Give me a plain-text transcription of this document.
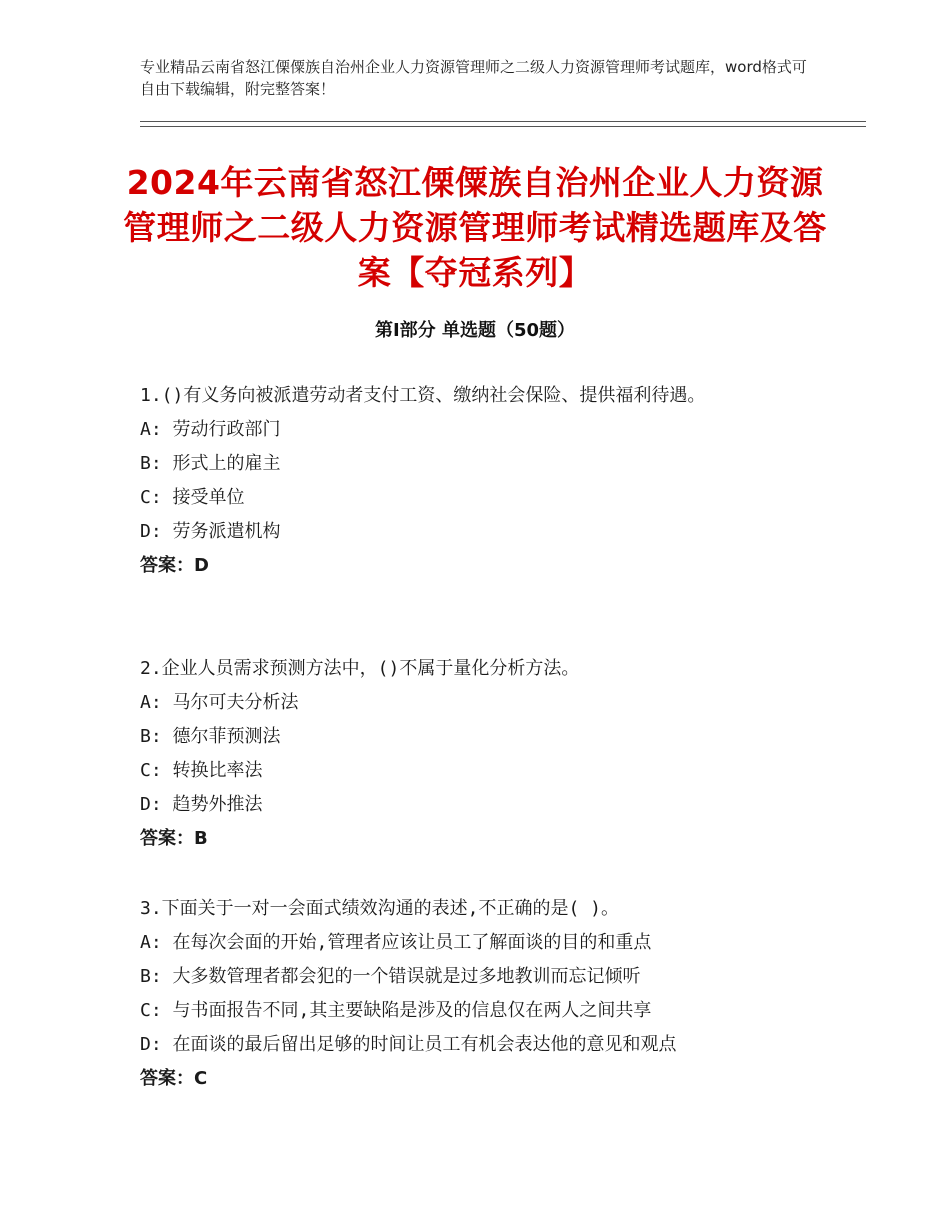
专业精品云南省怒江傈僳族自治州企业人力资源管理师之二级人力资源管理师考试题库，word格式可自由下载编辑，附完整答案！
2024年云南省怒江傈僳族自治州企业人力资源管理师之二级人力资源管理师考试精选题库及答案【夺冠系列】
第Ⅰ部分 单选题（50题）
1.()有义务向被派遣劳动者支付工资、缴纳社会保险、提供福利待遇。
A: 劳动行政部门
B: 形式上的雇主
C: 接受单位
D: 劳务派遣机构
答案：D
2.企业人员需求预测方法中，()不属于量化分析方法。
A: 马尔可夫分析法
B: 德尔菲预测法
C: 转换比率法
D: 趋势外推法
答案：B
3.下面关于一对一会面式绩效沟通的表述,不正确的是( )。
A: 在每次会面的开始,管理者应该让员工了解面谈的目的和重点
B: 大多数管理者都会犯的一个错误就是过多地教训而忘记倾听
C: 与书面报告不同,其主要缺陷是涉及的信息仅在两人之间共享
D: 在面谈的最后留出足够的时间让员工有机会表达他的意见和观点
答案：C
